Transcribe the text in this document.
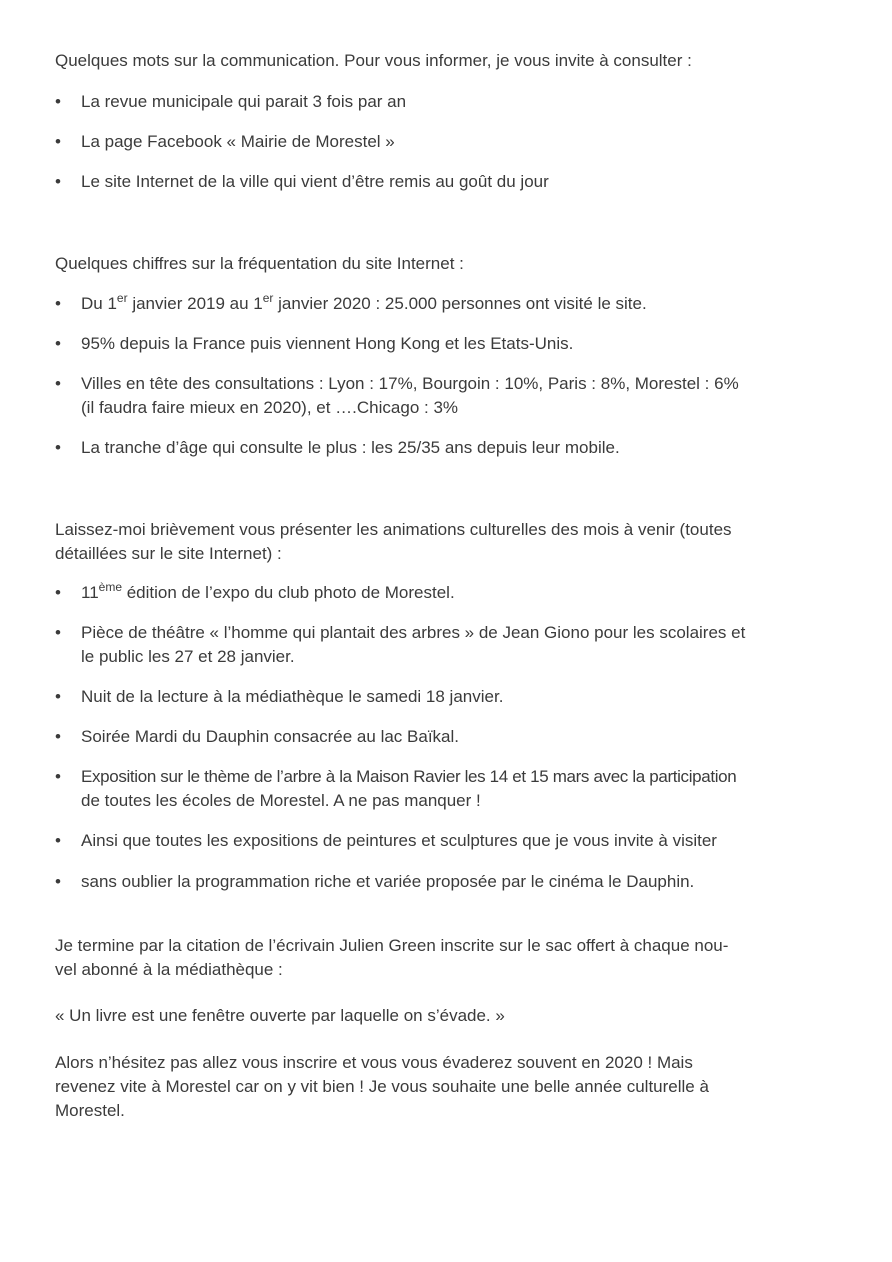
Quelques mots sur la communication. Pour vous informer, je vous invite à consulter :
•	La revue municipale qui parait 3 fois par an
•	La page Facebook « Mairie de Morestel »
•	Le site Internet de la ville qui vient d’être remis au goût du jour
Quelques chiffres sur la fréquentation du site Internet :
•	Du 1er janvier 2019 au 1er janvier 2020 : 25.000 personnes ont visité le site.
•	95% depuis la France puis viennent Hong Kong et les Etats-Unis.
•	Villes en tête des consultations : Lyon : 17%, Bourgoin : 10%, Paris : 8%, Morestel : 6%
(il faudra faire mieux en 2020), et ….Chicago : 3%
•	La tranche d’âge qui consulte le plus : les 25/35 ans depuis leur mobile.
Laissez-moi brièvement vous présenter les animations culturelles des mois à venir (toutes
détaillées sur le site Internet) :
•	11ème édition de l’expo du club photo de Morestel.
•	Pièce de théâtre « l’homme qui plantait des arbres » de Jean Giono pour les scolaires et
le public les 27 et 28 janvier.
•	Nuit de la lecture à la médiathèque le samedi 18 janvier.
•	Soirée Mardi du Dauphin consacrée au lac Baïkal.
•	Exposition sur le thème de l’arbre à la Maison Ravier les 14 et 15 mars avec la participation
de toutes les écoles de Morestel. A ne pas manquer !
•	Ainsi que toutes les expositions de peintures et sculptures que je vous invite à visiter
•	sans oublier la programmation riche et variée proposée par le cinéma le Dauphin.
Je termine par la citation de l’écrivain Julien Green inscrite sur le sac offert à chaque nou-
vel abonné à la médiathèque :
« Un livre est une fenêtre ouverte par laquelle on s’évade. »
Alors n’hésitez pas allez vous inscrire et vous vous évaderez souvent en 2020 ! Mais
revenez vite à Morestel car on y vit bien ! Je vous souhaite une belle année culturelle à
Morestel.
